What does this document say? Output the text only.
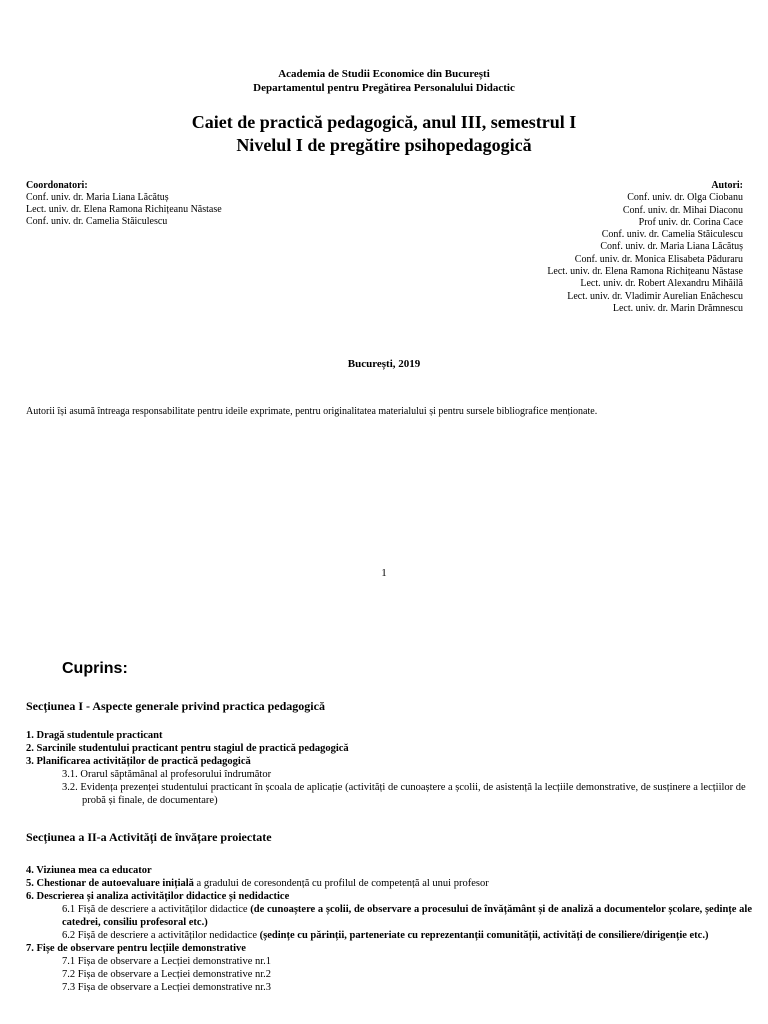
Academia de Studii Economice din București
Departamentul pentru Pregătirea Personalului Didactic
Caiet de practică pedagogică, anul III, semestrul I
Nivelul I de pregătire psihopedagogică
Coordonatori:
Conf. univ. dr. Maria Liana Lăcătuș
Lect. univ. dr. Elena Ramona Richițeanu Năstase
Conf. univ. dr. Camelia Stăiculescu
Autori:
Conf. univ. dr. Olga Ciobanu
Conf. univ. dr. Mihai Diaconu
Prof univ. dr. Corina Cace
Conf. univ. dr. Camelia Stăiculescu
Conf. univ. dr. Maria Liana Lăcătuș
Conf. univ. dr. Monica Elisabeta Păduraru
Lect. univ. dr. Elena Ramona Richițeanu Năstase
Lect. univ. dr. Robert Alexandru Mihăilă
Lect. univ. dr. Vladimir Aurelian Enăchescu
Lect. univ. dr. Marin Drămnescu
București, 2019
Autorii își asumă întreaga responsabilitate pentru ideile exprimate, pentru originalitatea materialului și pentru sursele bibliografice menționate.
1
Cuprins:
Secțiunea I - Aspecte generale privind practica pedagogică
1. Dragă studentule practicant
2. Sarcinile studentului practicant pentru stagiul de practică pedagogică
3. Planificarea activităților de practică pedagogică
3.1. Orarul săptămânal al profesorului îndrumător
3.2. Evidența prezenței studentului practicant în școala de aplicație (activități de cunoaștere a școlii, de asistență la lecțiile demonstrative, de susținere a lecțiilor de probă și finale, de documentare)
Secțiunea a II-a Activități de învățare proiectate
4. Viziunea mea ca educator
5. Chestionar de autoevaluare inițială a gradului de coresondență cu profilul de competență al unui profesor
6. Descrierea și analiza activităților didactice și nedidactice
6.1 Fișă de descriere a activităților didactice (de cunoaștere a școlii, de observare a procesului de învățământ și de analiză a documentelor școlare, ședințe ale catedrei, consiliu profesoral etc.)
6.2 Fișă de descriere a activităților nedidactice (ședințe cu părinții, parteneriate cu reprezentanții comunității, activități de consiliere/dirigenție etc.)
7. Fișe de observare pentru lecțiile demonstrative
7.1 Fișa de observare a Lecției demonstrative nr.1
7.2 Fișa de observare a Lecției demonstrative nr.2
7.3 Fișa de observare a Lecției demonstrative nr.3
